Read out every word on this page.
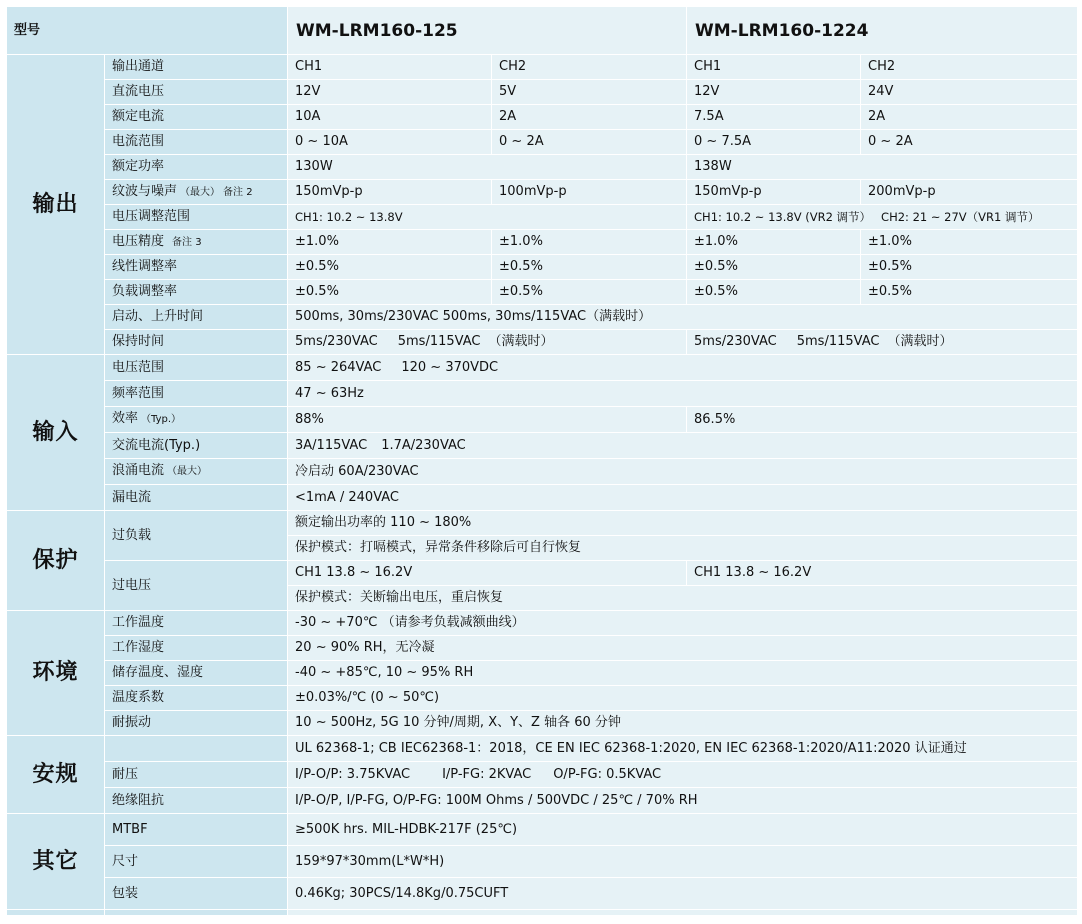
型号		WM-LRM160-125		WM-LRM160-1224	
输出	输出通道	CH1	CH2	CH1	CH2
	直流电压	12V	5V	12V	24V
	额定电流	10A	2A	7.5A	2A
	电流范围	0 ~ 10A	0 ~ 2A	0 ~ 7.5A	0 ~ 2A
	额定功率	130W		138W	
	纹波与噪声 （最大） 备注 2	150mVp-p	100mVp-p	150mVp-p	200mVp-p
	电压调整范围	CH1: 10.2 ~ 13.8V		CH1: 10.2 ~ 13.8V (VR2 调节） CH2: 21 ~ 27V（VR1 调节）	
	电压精度 备注 3	±1.0%	±1.0%	±1.0%	±1.0%
	线性调整率	±0.5%	±0.5%	±0.5%	±0.5%
	负载调整率	±0.5%	±0.5%	±0.5%	±0.5%
	启动、上升时间	500ms, 30ms/230VAC 500ms, 30ms/115VAC（满载时）			
	保持时间	5ms/230VAC 5ms/115VAC （满载时）		5ms/230VAC 5ms/115VAC （满载时）	
输入	电压范围	85 ~ 264VAC 120 ~ 370VDC			
	频率范围	47 ~ 63Hz			
	效率 （Typ.）	88%		86.5%	
	交流电流(Typ.)	3A/115VAC 1.7A/230VAC			
	浪涌电流 （最大）	冷启动 60A/230VAC			
	漏电流	<1mA / 240VAC			
保护	过负载	额定输出功率的 110 ~ 180%			
		保护模式：打嗝模式，异常条件移除后可自行恢复			
	过电压	CH1 13.8 ~ 16.2V		CH1 13.8 ~ 16.2V	
		保护模式：关断输出电压，重启恢复			
环境	工作温度	-30 ~ +70℃ （请参考负载减额曲线）			
	工作湿度	20 ~ 90% RH，无冷凝			
	储存温度、湿度	-40 ~ +85℃, 10 ~ 95% RH			
	温度系数	±0.03%/℃ (0 ~ 50℃)			
	耐振动	10 ~ 500Hz, 5G 10 分钟/周期, X、Y、Z 轴各 60 分钟			
安规		UL 62368-1; CB IEC62368-1：2018，CE EN IEC 62368-1:2020, EN IEC 62368-1:2020/A11:2020 认证通过			
	耐压	I/P-O/P: 3.75KVAC I/P-FG: 2KVAC O/P-FG: 0.5KVAC			
	绝缘阻抗	I/P-O/P, I/P-FG, O/P-FG: 100M Ohms / 500VDC / 25℃ / 70% RH			
其它	MTBF	≥500K hrs. MIL-HDBK-217F (25℃)			
	尺寸	159*97*30mm(L*W*H)			
	包装	0.46Kg; 30PCS/14.8Kg/0.75CUFT			
